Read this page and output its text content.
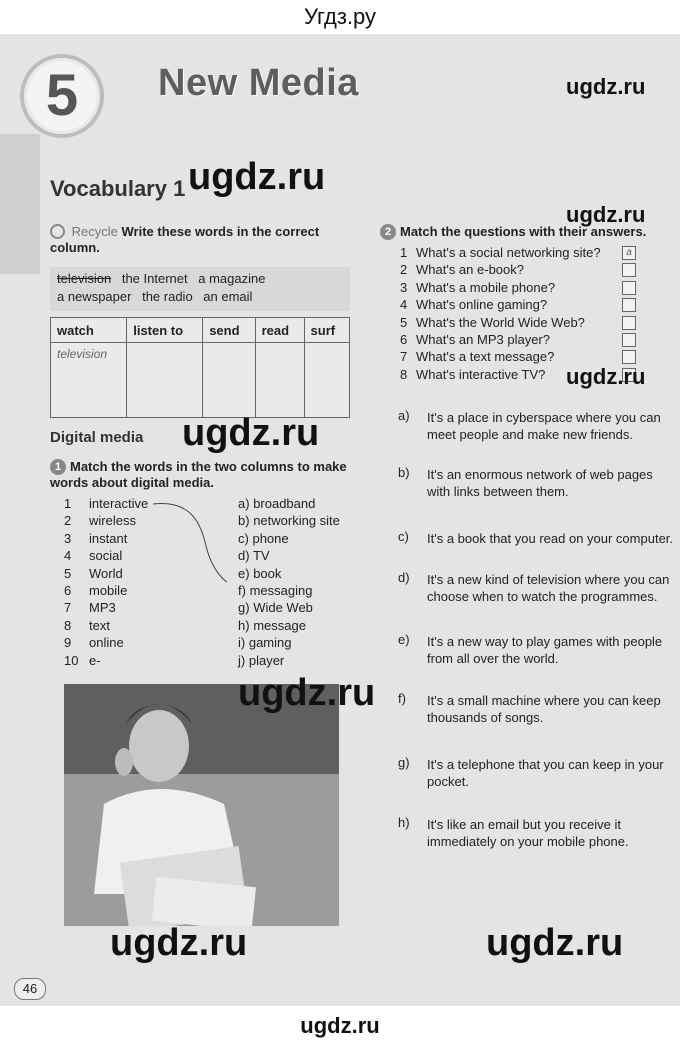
Угдз.ру
5	New Media
Vocabulary 1
Recycle Write these words in the correct column.
television the Internet a magazine
a newspaper the radio an email
watch	listen to	send	read	surf
television				
Digital media
1 Match the words in the two columns to make words about digital media.
1	interactive	a) broadband
2	wireless	b) networking site
3	instant	c) phone
4	social	d) TV
5	World	e) book
6	mobile	f) messaging
7	MP3	g) Wide Web
8	text	h) message
9	online	i) gaming
10 e-	j) player
2 Match the questions with their answers.
1 What's a social networking site?	a
2 What's an e-book?
3 What's a mobile phone?
4 What's online gaming?
5 What's the World Wide Web?
6 What's an MP3 player?
7 What's a text message?
8 What's interactive TV?
a) It's a place in cyberspace where you can meet people and make new friends.
b) It's an enormous network of web pages with links between them.
c) It's a book that you read on your computer.
d) It's a new kind of television where you can choose when to watch the programmes.
e) It's a new way to play games with people from all over the world.
f) It's a small machine where you can keep thousands of songs.
g) It's a telephone that you can keep in your pocket.
h) It's like an email but you receive it immediately on your mobile phone.
46
ugdz.ru
ugdz.ru
ugdz.ru
ugdz.ru
ugdz.ru
ugdz.ru
ugdz.ru	ugdz.ru
ugdz.ru
